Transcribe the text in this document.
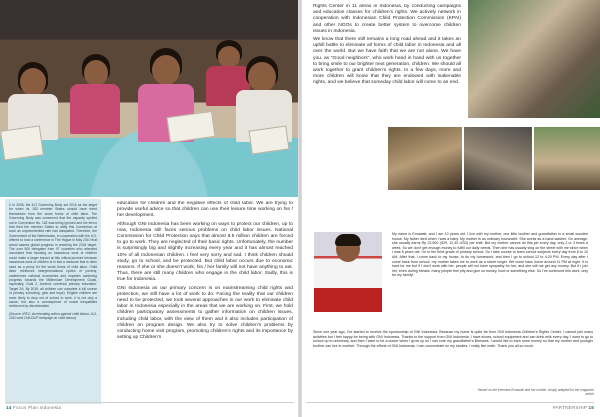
1 In 2006, the ILO Governing Body set 2016 as the target for when its 183 member States should have freed themselves from the worst forms of child labor. The Governing Body was concerned that the capacity spelled out in Convention No. 182 was being ignored and the fervor that fired the member States to ratify this Convention at such an unprecedented rate had dissipated. Therefore, the Government of the Netherlands, in cooperation with the ILO, offered to host a conference in The Hague in May 2010 that would assess global progress in reaching the 2016 target. The over 500 delegates from 97 countries who attended concluded that focusing on hazardous work of children could make a larger impact at this critical juncture because hazardous work of children is in fact a measure that is often used as a proxy for the worst forms of child labor. Child labor reinforces intergenerational cycles of poverty, undermines national economies and impedes achieving progress towards the Millennium Development Goals, especially, Goal 2, Achieve universal primary education: Target 2A: By 2015, all children can complete a full course of primary schooling, girls and boys). English children are more likely to drop out of school to work. It is not only a cause, but also a consequence of social inequalities reinforced by discrimination.

(Source: IPEC: Accelerating action against child labour, ILO, 2010 and CHILDLIP webpage on child labour)

education for children and the negative effects of child labor. We are trying to provide useful advice so that children can use their leisure time working on his / her development.

Although GNI Indonesia has been working on ways to protect our children, up to now, Indonesia still faces serious problems on child labor issues. National Commission for Child Protection says that almost 8.5 million children are forced to go to work. They are neglected of their basic rights. Unfortunately, the number is surprisingly big and slightly increasing every year and it has almost reached 10% of all Indonesian children. I feel very sorry and sad. I think children should study, go to school, and be protected. But child labor occurs due to economic reasons. If she or she doesn't work, his / her family will not have anything to eat. Thus, there are still many children who engage in the child labor. Sadly, this is true for Indonesia.

GNI Indonesia as our primary concern is on mainstreaming child rights and protection, we still have a lot of work to do. Facing the reality that our children need to be protected, we took several approaches in our work to eliminate child labor in Indonesia especially in the areas that we are working on. First, we hold children participatory assessments to gather information on children issues, including child labor, with the view of them and it also includes participation of children on program design. We also try to solve children's problems by conducting home visit program, promoting children's rights and its importance by setting up Children's

14 Focus Plan Indonesia

Rights Center in 11 areas in Indonesia, by conducting campaigns and education classes for children's rights. We actively network in cooperation with Indonesian Child Protection Commission (KPAI) and other NGOs to create better system to overcome children issues in Indonesia.

We know that there still remains a long road ahead and it takes an uphill battle to eliminate all forms of child labor in Indonesia and all over the world. But we have faith that we are not alone. We have you, as "Good neighbors", who work hand in hand with us together to bring smile to our brighter next generation, children. We should all work together to grant children's rights. In a few days, more and more children will know that they are endowed with inalienable rights, and we believe that someday child labor will come to an end.

My name is Ernawati, and I am 10 years old. I live with my mother, one little brother and grandfather in a small wooden house. My father died when I was a baby. My mother is an ordinary housewife. She works as a hand-washer. On average, she usually earns Rp 22,500 (IDR, 12,40 USD) per shift. But my mother cannot do this job every day, only 2 or 3 times a week. So we don't get enough money to fulfill our daily needs. Then she has usually sing on the street with me since when I was 8 years old. I'm in the third grade of primary school. So I take course to learn school subjects every day from 8 to 10 AM. After that, I come back to my house, to do my homework, and then I go to school 12 to 4:20 PM. Every day after I come back from school, my mother takes me to work as a street singer. We come back home around 11 PM at night. It is hard for me but if I don't work with her, people will not have sympathy for her, and she will not get any money. But if I join her, even during breaks, many people feel pity and give us money, food or something else. So I've continued this work, only for my family!
Since one year ago, I've started to receive the sponsorship of GNI Indonesia. Because my home is quite far from GNI Indonesia Children's Rights Center, I cannot join many activities but I feel happy for being with GNI Indonesia. Thanks to the support from GNI Indonesia, I have shoes, school equipment and can drink milk every day. I want to go to school up to university, and then I want to be a doctor when I grow up so I can cure my grandfather's illnesses. I would like to earn more money so that my mother and younger brother can live in comfort. Through the efforts of GNI Indonesia, I can concentrate on my studies. I really like math. Thank you all so much.
*based on the interview Ernawati and her mother, simply adapted for the magazine article
PARTNERSHIP 15
